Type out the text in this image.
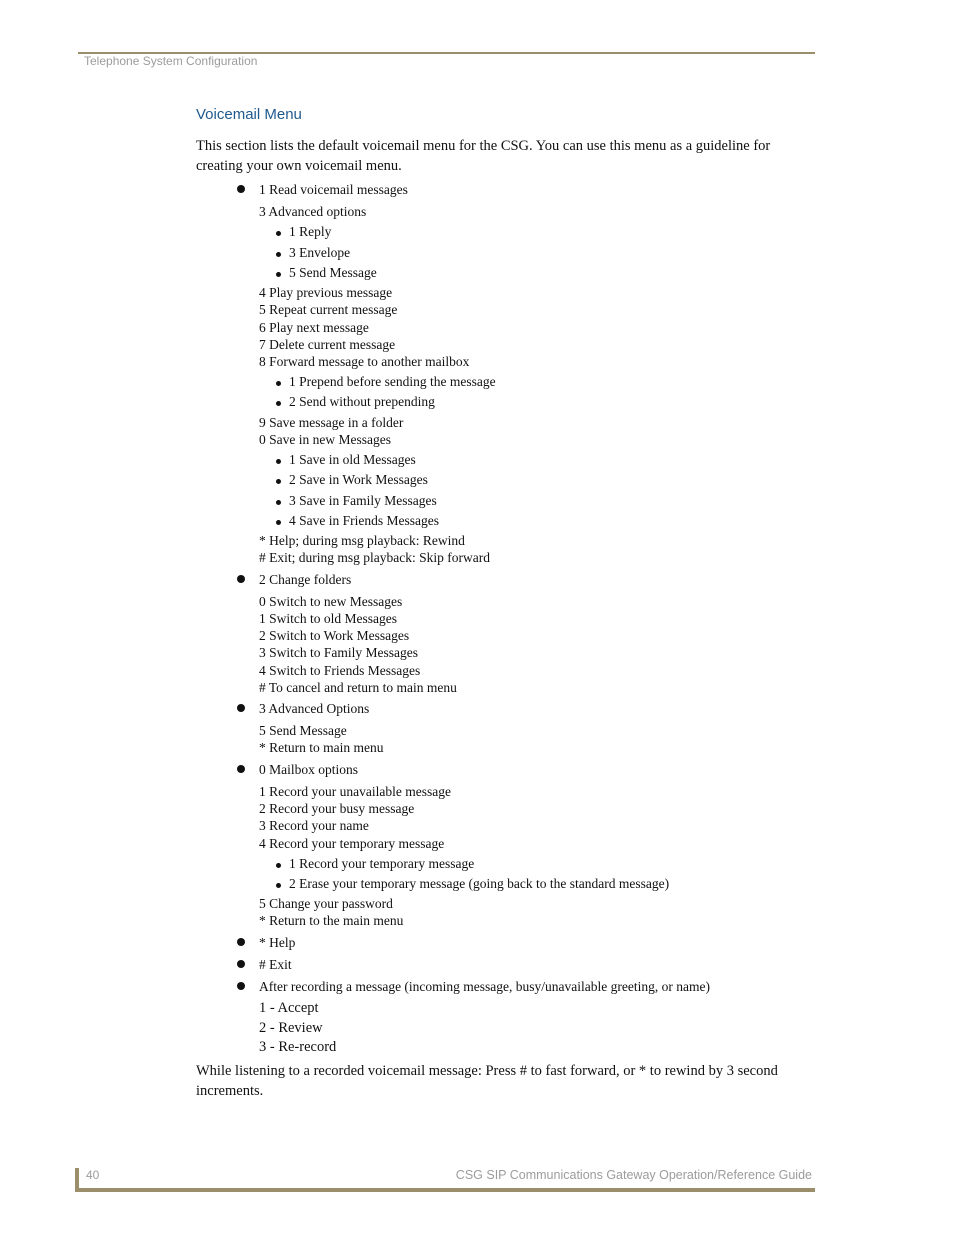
Telephone System Configuration
Voicemail Menu

This section lists the default voicemail menu for the CSG. You can use this menu as a guideline for creating your own voicemail menu.

1 Read voicemail messages
3 Advanced options
1 Reply
3 Envelope
5 Send Message
4 Play previous message
5 Repeat current message
6 Play next message
7 Delete current message
8 Forward message to another mailbox
1 Prepend before sending the message
2 Send without prepending
9 Save message in a folder
0 Save in new Messages
1 Save in old Messages
2 Save in Work Messages
3 Save in Family Messages
4 Save in Friends Messages
* Help; during msg playback: Rewind
# Exit; during msg playback: Skip forward
2 Change folders
0 Switch to new Messages
1 Switch to old Messages
2 Switch to Work Messages
3 Switch to Family Messages
4 Switch to Friends Messages
# To cancel and return to main menu
3 Advanced Options
5 Send Message
* Return to main menu
0 Mailbox options
1 Record your unavailable message
2 Record your busy message
3 Record your name
4 Record your temporary message
1 Record your temporary message
2 Erase your temporary message (going back to the standard message)
5 Change your password
* Return to the main menu
* Help
# Exit
After recording a message (incoming message, busy/unavailable greeting, or name)
1 - Accept
2 - Review
3 - Re-record

While listening to a recorded voicemail message: Press # to fast forward, or * to rewind by 3 second increments.

40	CSG SIP Communications Gateway Operation/Reference Guide
